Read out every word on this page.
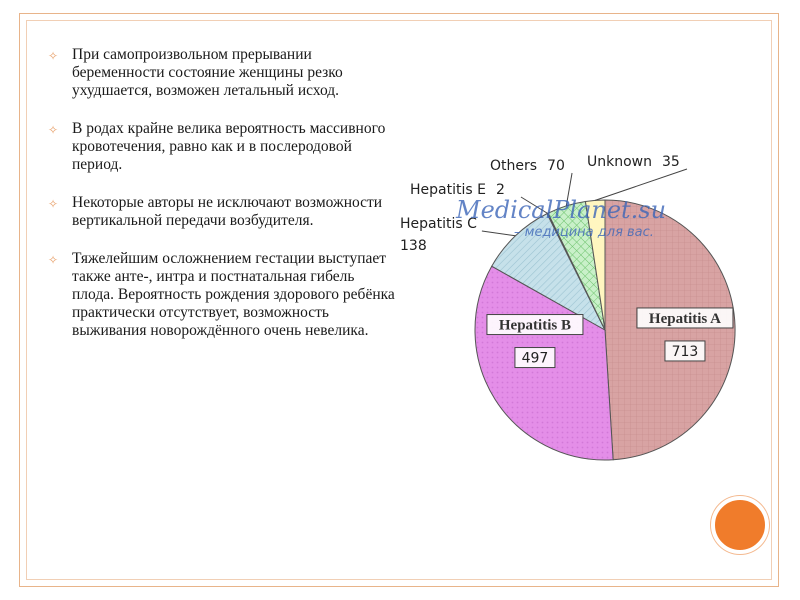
✧ При самопроизвольном прерывании беременности состояние женщины резко ухудшается, возможен летальный исход.
✧ В родах крайне велика вероятность массивного кровотечения, равно как и в послеродовой период.
✧ Некоторые авторы не исключают возможности вертикальной передачи возбудителя.
✧ Тяжелейшим осложнением гестации выступает также анте-, интра и постнатальная гибель плода. Вероятность рождения здорового ребёнка практически отсутствует, возможность выживания новорождённого очень невелика.
Hepatitis A
713
Hepatitis B
497
Hepatitis C
138
Hepatitis E 2
Others 70 Unknown 35
MedicalPlanet.su
– медицина для вас.
